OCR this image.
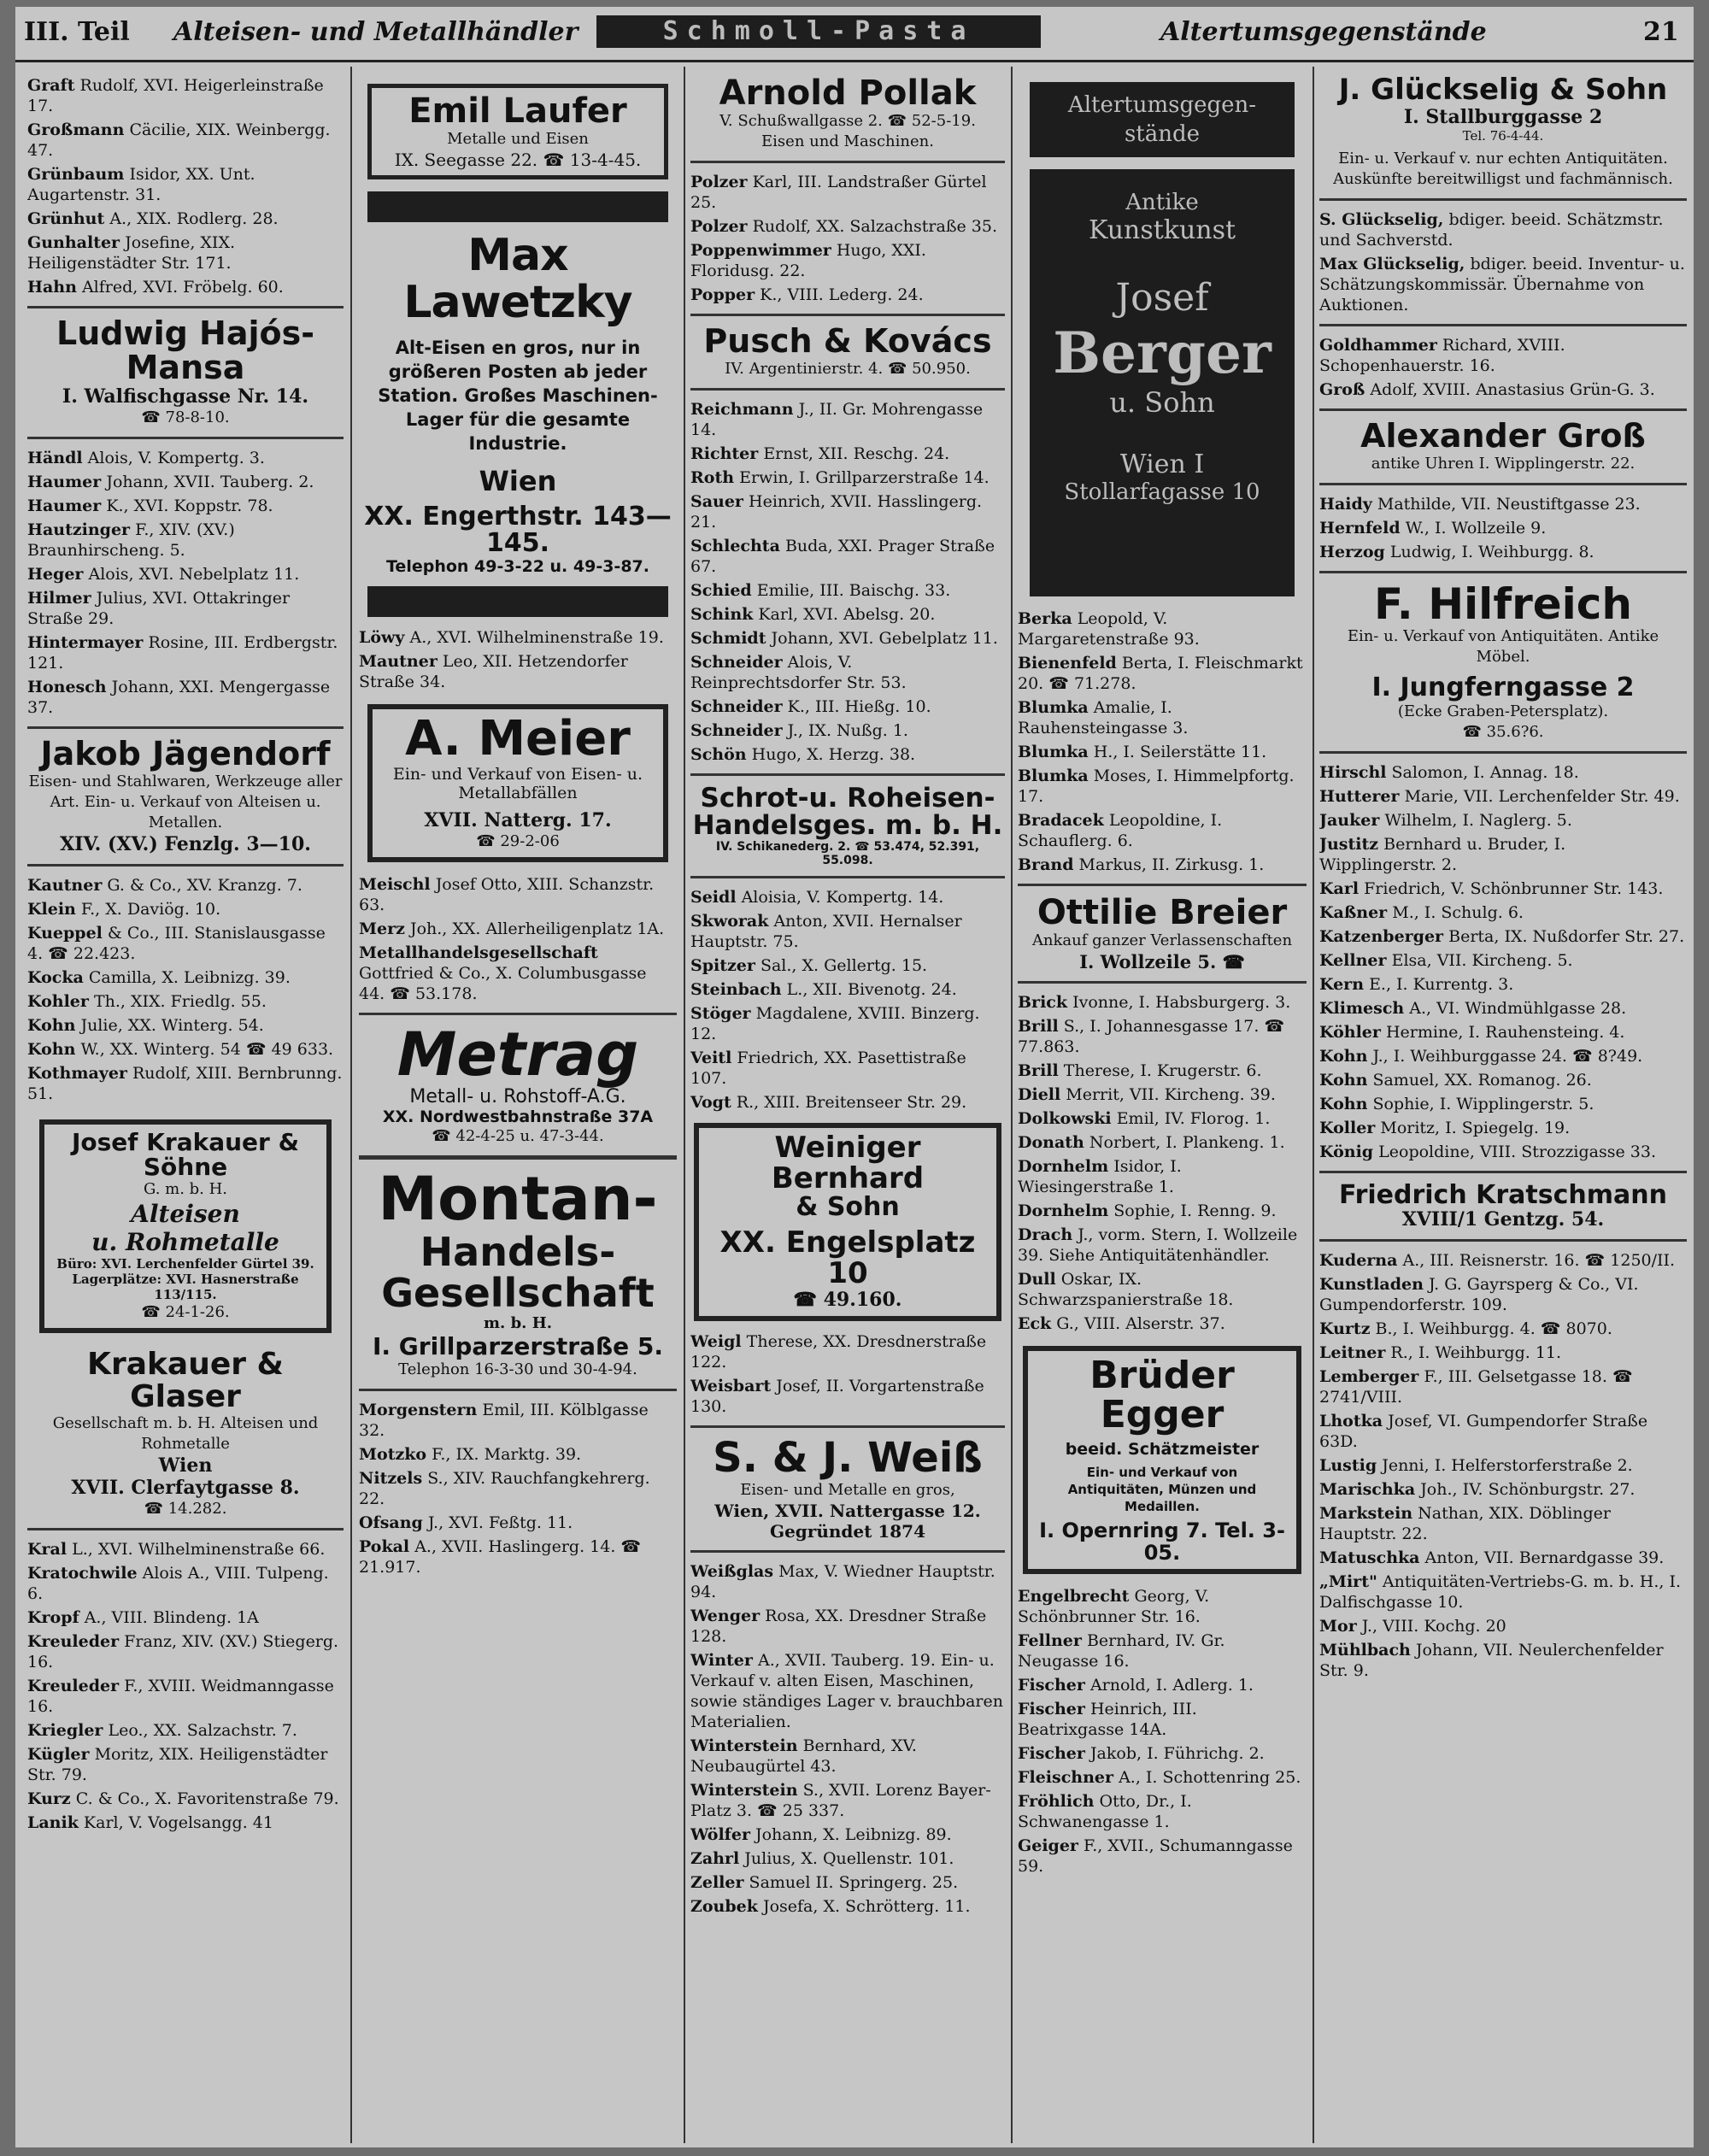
III. Teil Alteisen- und Metallhändler	Schmoll-Pasta	Altertumsgegenstände	21

Graft Rudolf, XVI. Heigerleinstraße 17.

Großmann Cäcilie, XIX. Weinbergg. 47.

Grünbaum Isidor, XX. Unt. Augartenstr. 31.

Grünhut A., XIX. Rodlerg. 28.

Gunhalter Josefine, XIX. Heiligenstädter Str. 171.

Hahn Alfred, XVI. Fröbelg. 60.

Ludwig Hajós-Mansa
I. Walfischgasse Nr. 14.
☎ 78-8-10.

Händl Alois, V. Kompertg. 3.

Haumer Johann, XVII. Tauberg. 2.

Haumer K., XVI. Koppstr. 78.

Hautzinger F., XIV. (XV.) Braunhirscheng. 5.

Heger Alois, XVI. Nebelplatz 11.

Hilmer Julius, XVI. Ottakringer Straße 29.

Hintermayer Rosine, III. Erdbergstr. 121.

Honesch Johann, XXI. Mengergasse 37.

Jakob Jägendorf
Eisen- und Stahlwaren, Werkzeuge aller Art. Ein- u. Verkauf von Alteisen u. Metallen.
XIV. (XV.) Fenzlg. 3—10.

Kautner G. & Co., XV. Kranzg. 7.

Klein F., X. Daviög. 10.

Kueppel & Co., III. Stanislausgasse 4. ☎ 22.423.

Kocka Camilla, X. Leibnizg. 39.

Kohler Th., XIX. Friedlg. 55.

Kohn Julie, XX. Winterg. 54.

Kohn W., XX. Winterg. 54 ☎ 49 633.

Kothmayer Rudolf, XIII. Bernbrunng. 51.

Josef Krakauer & Söhne
G. m. b. H.
Alteisen
u. Rohmetalle
Büro: XVI. Lerchenfelder Gürtel 39.
Lagerplätze: XVI. Hasnerstraße 113/115.
☎ 24-1-26.
Krakauer & Glaser
Gesellschaft m. b. H. Alteisen und Rohmetalle
Wien
XVII. Clerfaytgasse 8.
☎ 14.282.

Kral L., XVI. Wilhelminenstraße 66.

Kratochwile Alois A., VIII. Tulpeng. 6.

Kropf A., VIII. Blindeng. 1A

Kreuleder Franz, XIV. (XV.) Stiegerg. 16.

Kreuleder F., XVIII. Weidmanngasse 16.

Kriegler Leo., XX. Salzachstr. 7.

Kügler Moritz, XIX. Heiligenstädter Str. 79.

Kurz C. & Co., X. Favoritenstraße 79.

Lanik Karl, V. Vogelsangg. 41

Emil Laufer
Metalle und Eisen
IX. Seegasse 22. ☎ 13-4-45.
Max Lawetzky
Alt-Eisen en gros, nur in größeren Posten ab jeder Station. Großes Maschinen-Lager für die gesamte Industrie.
Wien
XX. Engerthstr. 143—145.
Telephon 49-3-22 u. 49-3-87.

Löwy A., XVI. Wilhelminenstraße 19.

Mautner Leo, XII. Hetzendorfer Straße 34.

A. Meier
Ein- und Verkauf von Eisen- u. Metallabfällen
XVII. Natterg. 17.
☎ 29-2-06

Meischl Josef Otto, XIII. Schanzstr. 63.

Merz Joh., XX. Allerheiligenplatz 1A.

Metallhandelsgesellschaft Gottfried & Co., X. Columbusgasse 44. ☎ 53.178.

Metrag
Metall- u. Rohstoff-A.G.
XX. Nordwestbahnstraße 37A
☎ 42-4-25 u. 47-3-44.
Montan-
Handels-
Gesellschaft
m. b. H.
I. Grillparzerstraße 5.
Telephon 16-3-30 und 30-4-94.

Morgenstern Emil, III. Kölblgasse 32.

Motzko F., IX. Marktg. 39.

Nitzels S., XIV. Rauchfangkehrerg. 22.

Ofsang J., XVI. Feßtg. 11.

Pokal A., XVII. Haslingerg. 14. ☎ 21.917.

Arnold Pollak
V. Schußwallgasse 2. ☎ 52-5-19.
Eisen und Maschinen.

Polzer Karl, III. Landstraßer Gürtel 25.

Polzer Rudolf, XX. Salzachstraße 35.

Poppenwimmer Hugo, XXI. Floridusg. 22.

Popper K., VIII. Lederg. 24.

Pusch & Kovács
IV. Argentinierstr. 4. ☎ 50.950.

Reichmann J., II. Gr. Mohrengasse 14.

Richter Ernst, XII. Reschg. 24.

Roth Erwin, I. Grillparzerstraße 14.

Sauer Heinrich, XVII. Hasslingerg. 21.

Schlechta Buda, XXI. Prager Straße 67.

Schied Emilie, III. Baischg. 33.

Schink Karl, XVI. Abelsg. 20.

Schmidt Johann, XVI. Gebelplatz 11.

Schneider Alois, V. Reinprechtsdorfer Str. 53.

Schneider K., III. Hießg. 10.

Schneider J., IX. Nußg. 1.

Schön Hugo, X. Herzg. 38.

Schrot-u. Roheisen-
Handelsges. m. b. H.
IV. Schikanederg. 2. ☎ 53.474, 52.391, 55.098.

Seidl Aloisia, V. Kompertg. 14.

Skworak Anton, XVII. Hernalser Hauptstr. 75.

Spitzer Sal., X. Gellertg. 15.

Steinbach L., XII. Bivenotg. 24.

Stöger Magdalene, XVIII. Binzerg. 12.

Veitl Friedrich, XX. Pasettistraße 107.

Vogt R., XIII. Breitenseer Str. 29.

Weiniger Bernhard
& Sohn
XX. Engelsplatz 10
☎ 49.160.

Weigl Therese, XX. Dresdnerstraße 122.

Weisbart Josef, II. Vorgartenstraße 130.

S. & J. Weiß
Eisen- und Metalle en gros,
Wien, XVII. Nattergasse 12. Gegründet 1874

Weißglas Max, V. Wiedner Hauptstr. 94.

Wenger Rosa, XX. Dresdner Straße 128.

Winter A., XVII. Tauberg. 19. Ein- u. Verkauf v. alten Eisen, Maschinen, sowie ständiges Lager v. brauchbaren Materialien.

Winterstein Bernhard, XV. Neubaugürtel 43.

Winterstein S., XVII. Lorenz Bayer-Platz 3. ☎ 25 337.

Wölfer Johann, X. Leibnizg. 89.

Zahrl Julius, X. Quellenstr. 101.

Zeller Samuel II. Springerg. 25.

Zoubek Josefa, X. Schrötterg. 11.

Altertumsgegen-
stände
Antike
Kunstkunst
Josef
Berger
u. Sohn
Wien I
Stollarfagasse 10

Berka Leopold, V. Margaretenstraße 93.

Bienenfeld Berta, I. Fleischmarkt 20. ☎ 71.278.

Blumka Amalie, I. Rauhensteingasse 3.

Blumka H., I. Seilerstätte 11.

Blumka Moses, I. Himmelpfortg. 17.

Bradacek Leopoldine, I. Schauflerg. 6.

Brand Markus, II. Zirkusg. 1.

Ottilie Breier
Ankauf ganzer Verlassenschaften
I. Wollzeile 5. ☎

Brick Ivonne, I. Habsburgerg. 3.

Brill S., I. Johannesgasse 17. ☎ 77.863.

Brill Therese, I. Krugerstr. 6.

Diell Merrit, VII. Kircheng. 39.

Dolkowski Emil, IV. Florog. 1.

Donath Norbert, I. Plankeng. 1.

Dornhelm Isidor, I. Wiesingerstraße 1.

Dornhelm Sophie, I. Renng. 9.

Drach J., vorm. Stern, I. Wollzeile 39. Siehe Antiquitätenhändler.

Dull Oskar, IX. Schwarzspanierstraße 18.

Eck G., VIII. Alserstr. 37.

Brüder Egger
beeid. Schätzmeister
Ein- und Verkauf von Antiquitäten, Münzen und Medaillen.
I. Opernring 7. Tel. 3-05.

Engelbrecht Georg, V. Schönbrunner Str. 16.

Fellner Bernhard, IV. Gr. Neugasse 16.

Fischer Arnold, I. Adlerg. 1.

Fischer Heinrich, III. Beatrixgasse 14A.

Fischer Jakob, I. Führichg. 2.

Fleischner A., I. Schottenring 25.

Fröhlich Otto, Dr., I. Schwanengasse 1.

Geiger F., XVII., Schumanngasse 59.

J. Glückselig & Sohn
I. Stallburggasse 2
Tel. 76-4-44.
Ein- u. Verkauf v. nur echten Antiquitäten. Auskünfte bereitwilligst und fachmännisch.

S. Glückselig, bdiger. beeid. Schätzmstr. und Sachverstd.

Max Glückselig, bdiger. beeid. Inventur- u. Schätzungskommissär. Übernahme von Auktionen.

Goldhammer Richard, XVIII. Schopenhauerstr. 16.

Groß Adolf, XVIII. Anastasius Grün-G. 3.

Alexander Groß
antike Uhren I. Wipplingerstr. 22.

Haidy Mathilde, VII. Neustiftgasse 23.

Hernfeld W., I. Wollzeile 9.

Herzog Ludwig, I. Weihburgg. 8.

F. Hilfreich
Ein- u. Verkauf von Antiquitäten. Antike Möbel.
I. Jungferngasse 2
(Ecke Graben-Petersplatz).
☎ 35.6?6.

Hirschl Salomon, I. Annag. 18.

Hutterer Marie, VII. Lerchenfelder Str. 49.

Jauker Wilhelm, I. Naglerg. 5.

Justitz Bernhard u. Bruder, I. Wipplingerstr. 2.

Karl Friedrich, V. Schönbrunner Str. 143.

Kaßner M., I. Schulg. 6.

Katzenberger Berta, IX. Nußdorfer Str. 27.

Kellner Elsa, VII. Kircheng. 5.

Kern E., I. Kurrentg. 3.

Klimesch A., VI. Windmühlgasse 28.

Köhler Hermine, I. Rauhensteing. 4.

Kohn J., I. Weihburggasse 24. ☎ 8?49.

Kohn Samuel, XX. Romanog. 26.

Kohn Sophie, I. Wipplingerstr. 5.

Koller Moritz, I. Spiegelg. 19.

König Leopoldine, VIII. Strozzigasse 33.

Friedrich Kratschmann
XVIII/1 Gentzg. 54.

Kuderna A., III. Reisnerstr. 16. ☎ 1250/II.

Kunstladen J. G. Gayrsperg & Co., VI. Gumpendorferstr. 109.

Kurtz B., I. Weihburgg. 4. ☎ 8070.

Leitner R., I. Weihburgg. 11.

Lemberger F., III. Gelsetgasse 18. ☎ 2741/VIII.

Lhotka Josef, VI. Gumpendorfer Straße 63D.

Lustig Jenni, I. Helferstorferstraße 2.

Marischka Joh., IV. Schönburgstr. 27.

Markstein Nathan, XIX. Döblinger Hauptstr. 22.

Matuschka Anton, VII. Bernardgasse 39.

„Mirt" Antiquitäten-Vertriebs-G. m. b. H., I. Dalfischgasse 10.

Mor J., VIII. Kochg. 20

Mühlbach Johann, VII. Neulerchenfelder Str. 9.
